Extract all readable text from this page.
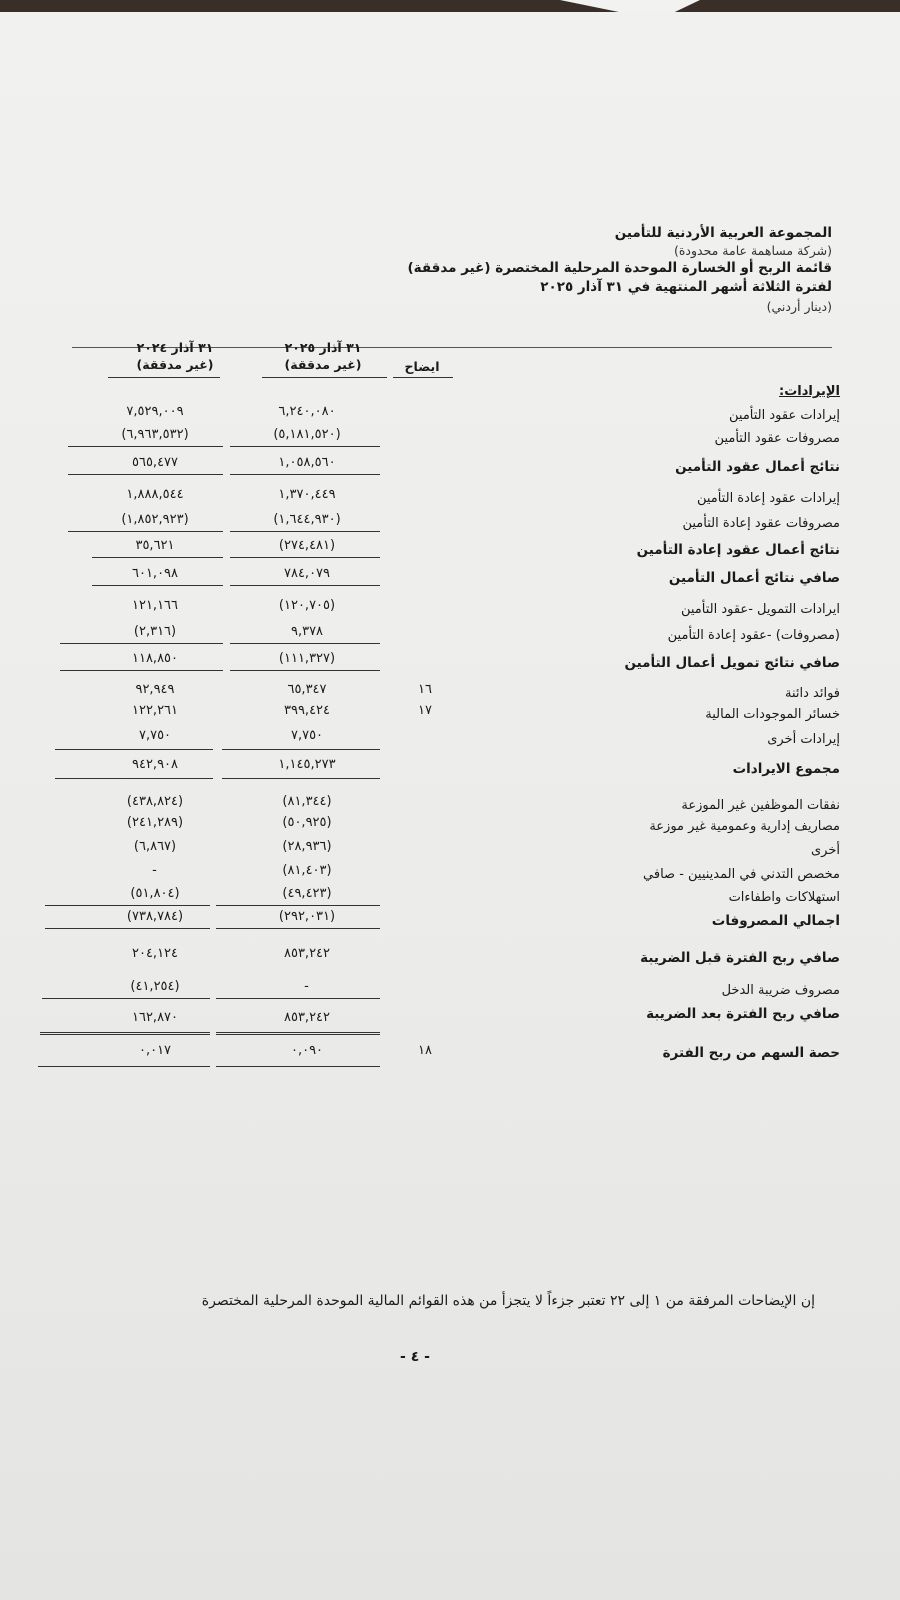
المجموعة العربية الأردنية للتأمين
(شركة مساهمة عامة محدودة)
قائمة الربح أو الخسارة الموحدة المرحلية المختصرة (غير مدققة)
لفترة الثلاثة أشهر المنتهية في ٣١ آذار ٢٠٢٥
(دينار أردني)
٣١ آذار ٢٠٢٤
(غير مدققة)
٣١ آذار ٢٠٢٥
(غير مدققة)	ايضاح
الإيرادات:
إيرادات عقود التأمين
٦,٢٤٠,٠٨٠
٧,٥٢٩,٠٠٩
مصروفات عقود التأمين
(٥,١٨١,٥٢٠)
(٦,٩٦٣,٥٣٢)
نتائج أعمال عقود التأمين
١,٠٥٨,٥٦٠
٥٦٥,٤٧٧
إيرادات عقود إعادة التأمين
١,٣٧٠,٤٤٩
١,٨٨٨,٥٤٤
مصروفات عقود إعادة التأمين
(١,٦٤٤,٩٣٠)
(١,٨٥٢,٩٢٣)
نتائج أعمال عقود إعادة التأمين
(٢٧٤,٤٨١)
٣٥,٦٢١
صافي نتائج أعمال التأمين
٧٨٤,٠٧٩
٦٠١,٠٩٨
ايرادات التمويل -عقود التأمين
(١٢٠,٧٠٥)
١٢١,١٦٦
(مصروفات) -عقود إعادة التأمين
٩,٣٧٨
(٢,٣١٦)
صافي نتائج تمويل أعمال التأمين
(١١١,٣٢٧)
١١٨,٨٥٠
فوائد دائنة
١٦
٦٥,٣٤٧
٩٢,٩٤٩
خسائر الموجودات المالية
١٧
٣٩٩,٤٢٤
١٢٢,٢٦١
إيرادات أخرى
٧,٧٥٠
٧,٧٥٠
مجموع الايرادات
١,١٤٥,٢٧٣
٩٤٢,٩٠٨
نفقات الموظفين غير الموزعة
(٨١,٣٤٤)
(٤٣٨,٨٢٤)
مصاريف إدارية وعمومية غير موزعة
(٥٠,٩٢٥)
(٢٤١,٢٨٩)
أخرى
(٢٨,٩٣٦)
(٦,٨٦٧)
مخصص التدني في المدينيين - صافي
(٨١,٤٠٣)
-
استهلاكات واطفاءات
(٤٩,٤٢٣)
(٥١,٨٠٤)
اجمالي المصروفات
(٢٩٢,٠٣١)
(٧٣٨,٧٨٤)
صافي ربح الفترة قبل الضريبة
٨٥٣,٢٤٢
٢٠٤,١٢٤
مصروف ضريبة الدخل
-
(٤١,٢٥٤)
صافي ربح الفترة بعد الضريبة
٨٥٣,٢٤٢
١٦٢,٨٧٠
حصة السهم من ربح الفترة
١٨
٠,٠٩٠
٠,٠١٧
إن الإيضاحات المرفقة من ١ إلى ٢٢ تعتبر جزءاً لا يتجزأ من هذه القوائم المالية الموحدة المرحلية المختصرة
- ٤ -
